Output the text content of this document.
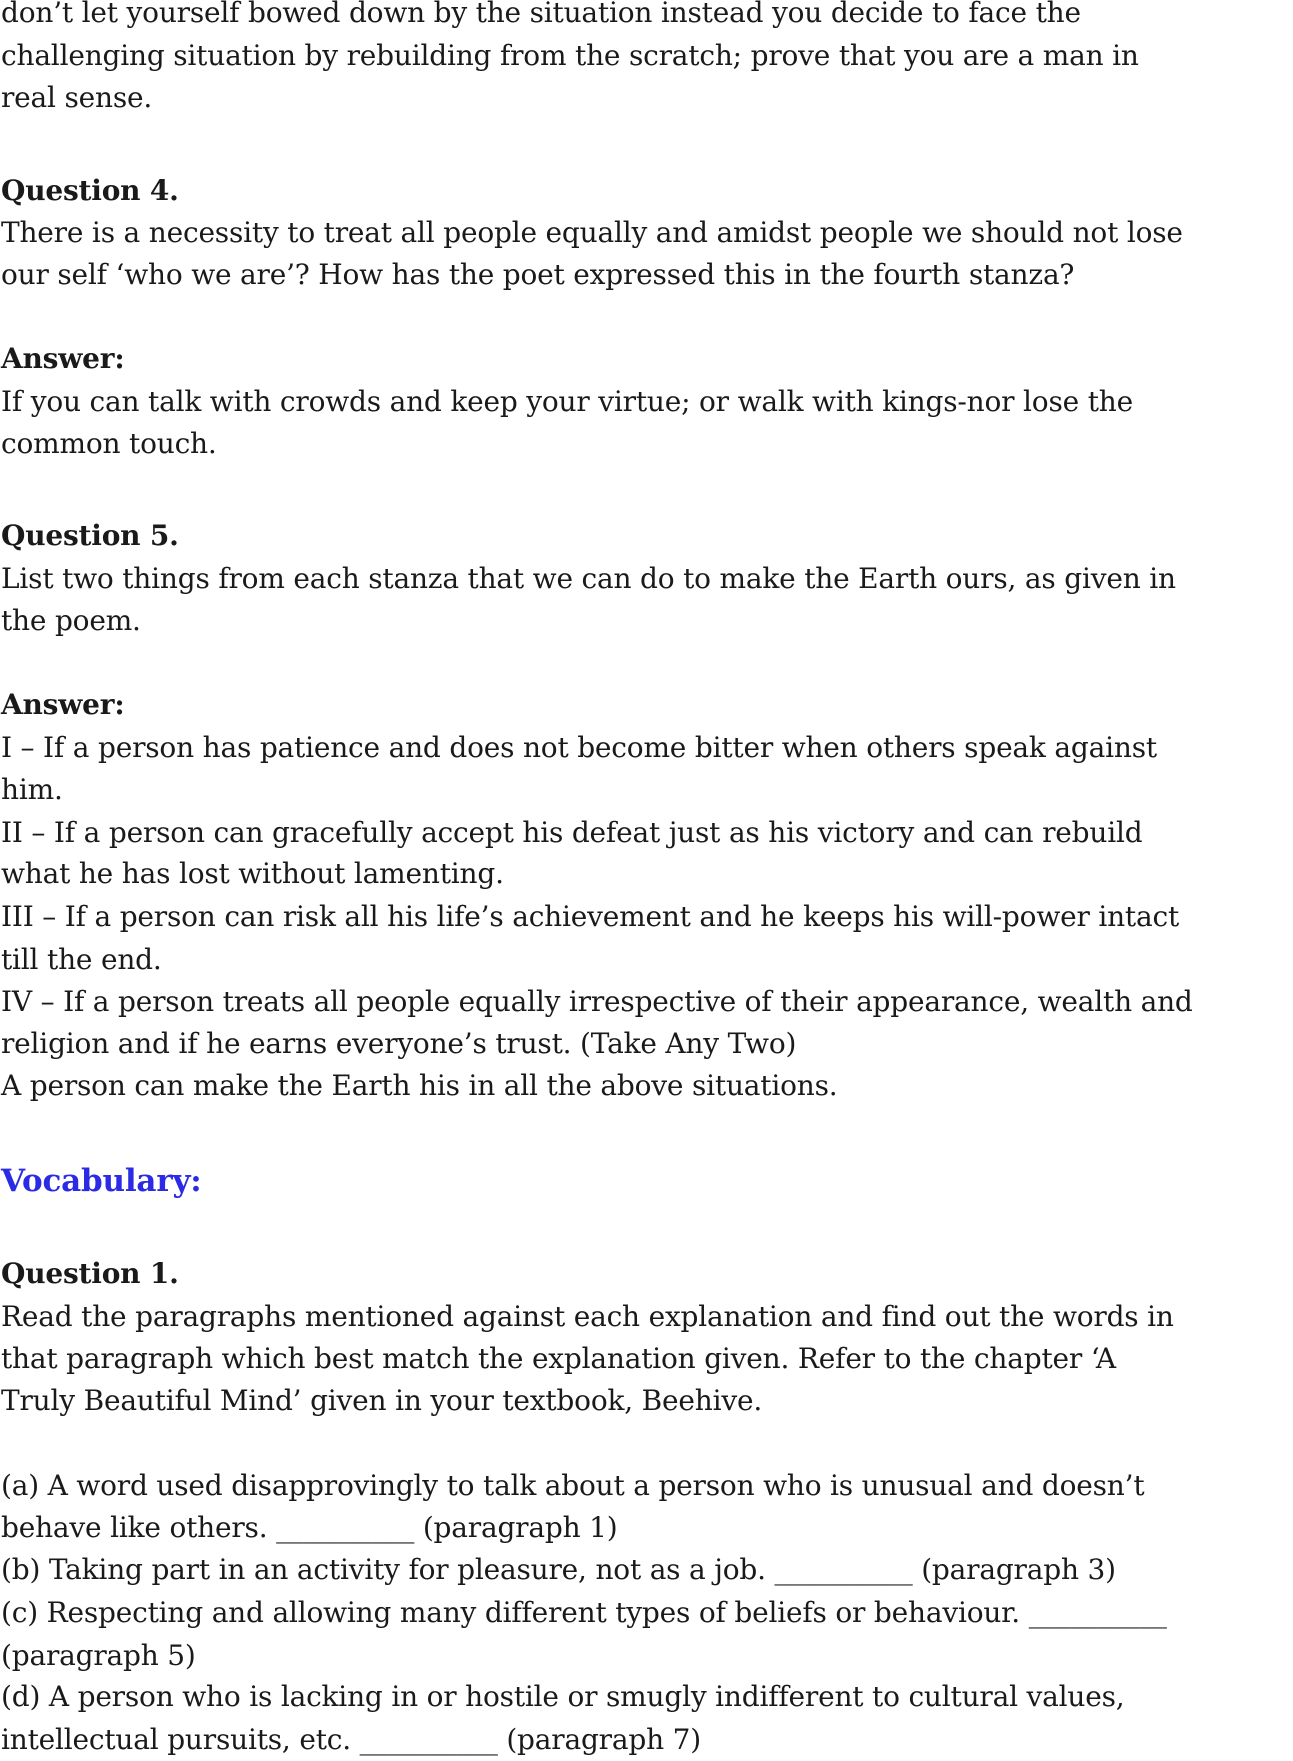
don’t let yourself bowed down by the situation instead you decide to face the
challenging situation by rebuilding from the scratch; prove that you are a man in
real sense.
Question 4.
There is a necessity to treat all people equally and amidst people we should not lose
our self ‘who we are’? How has the poet expressed this in the fourth stanza?
Answer:
If you can talk with crowds and keep your virtue; or walk with kings-nor lose the
common touch.
Question 5.
List two things from each stanza that we can do to make the Earth ours, as given in
the poem.
Answer:
I – If a person has patience and does not become bitter when others speak against
him.
II – If a person can gracefully accept his defeat just as his victory and can rebuild
what he has lost without lamenting.
III – If a person can risk all his life’s achievement and he keeps his will-power intact
till the end.
IV – If a person treats all people equally irrespective of their appearance, wealth and
religion and if he earns everyone’s trust. (Take Any Two)
A person can make the Earth his in all the above situations.
Vocabulary:
Question 1.
Read the paragraphs mentioned against each explanation and find out the words in
that paragraph which best match the explanation given. Refer to the chapter ‘A
Truly Beautiful Mind’ given in your textbook, Beehive.
(a) A word used disapprovingly to talk about a person who is unusual and doesn’t
behave like others. __________ (paragraph 1)
(b) Taking part in an activity for pleasure, not as a job. __________ (paragraph 3)
(c) Respecting and allowing many different types of beliefs or behaviour. __________
(paragraph 5)
(d) A person who is lacking in or hostile or smugly indifferent to cultural values,
intellectual pursuits, etc. __________ (paragraph 7)
